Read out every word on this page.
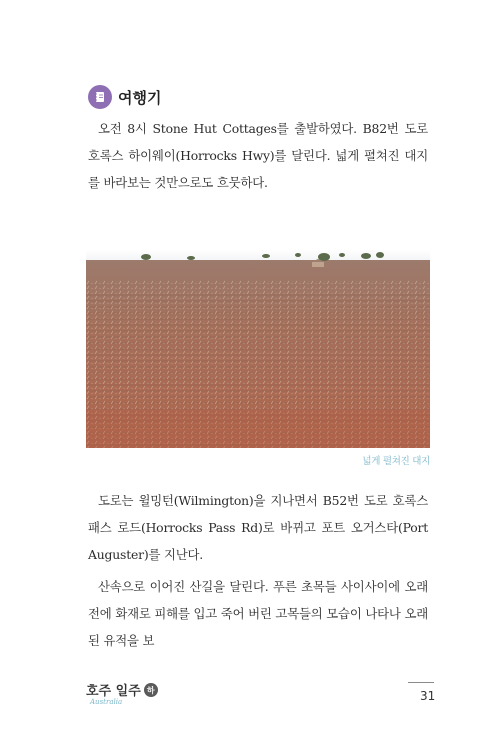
여행기

오전 8시 Stone Hut Cottages를 출발하였다. B82번 도로 호록스 하이웨이(Horrocks Hwy)를 달린다. 넓게 펼쳐진 대지를 바라보는 것만으로도 흐뭇하다.

넓게 펼쳐진 대지

도로는 윌밍턴(Wilmington)을 지나면서 B52번 도로 호록스 패스 로드(Horrocks Pass Rd)로 바뀌고 포트 오거스타(Port Auguster)를 지난다.

산속으로 이어진 산길을 달린다. 푸른 초목들 사이사이에 오래전에 화재로 피해를 입고 죽어 버린 고목들의 모습이 나타나 오래된 유적을 보

호주 일주 하
Australia	31
